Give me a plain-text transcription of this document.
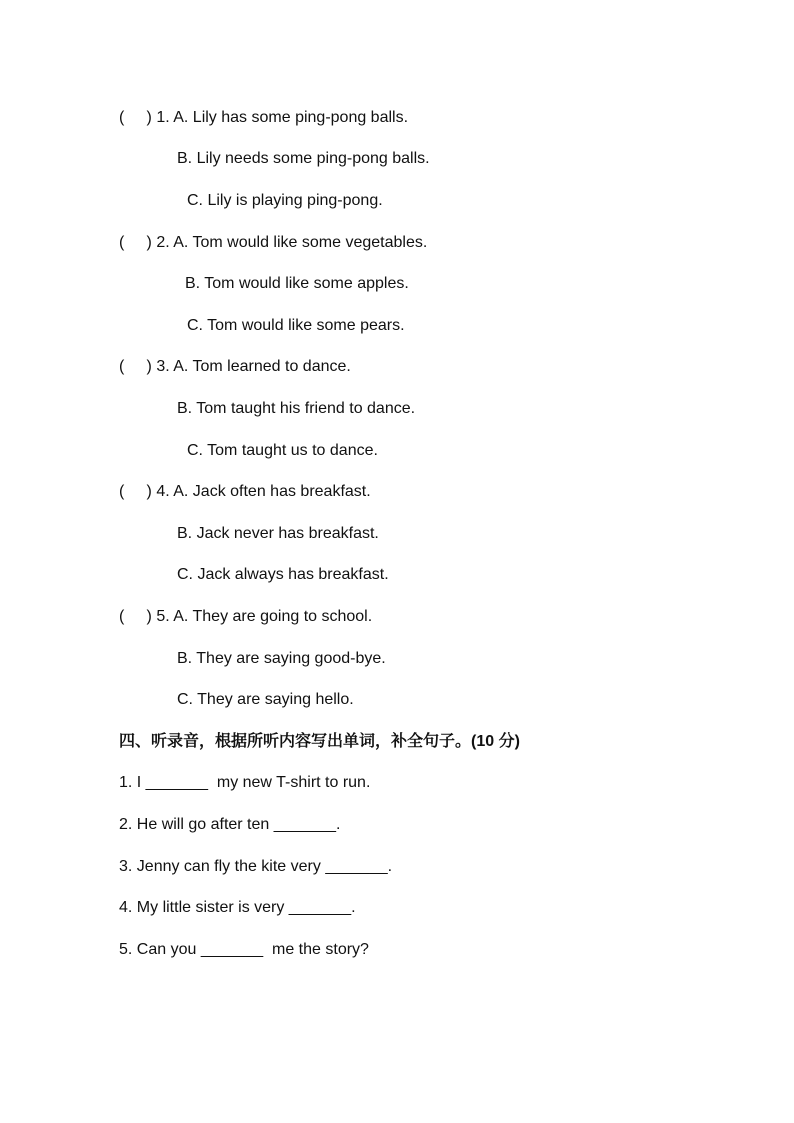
(     ) 1. A. Lily has some ping-pong balls.
B. Lily needs some ping-pong balls.
C. Lily is playing ping-pong.
(     ) 2. A. Tom would like some vegetables.
B. Tom would like some apples.
C. Tom would like some pears.
(     ) 3. A. Tom learned to dance.
B. Tom taught his friend to dance.
C. Tom taught us to dance.
(     ) 4. A. Jack often has breakfast.
B. Jack never has breakfast.
C. Jack always has breakfast.
(     ) 5. A. They are going to school.
B. They are saying good-bye.
C. They are saying hello.
四、听录音，根据所听内容写出单词，补全句子。(10 分)
1. I _______  my new T-shirt to run.
2. He will go after ten _______.
3. Jenny can fly the kite very _______.
4. My little sister is very _______.
5. Can you _______  me the story?
